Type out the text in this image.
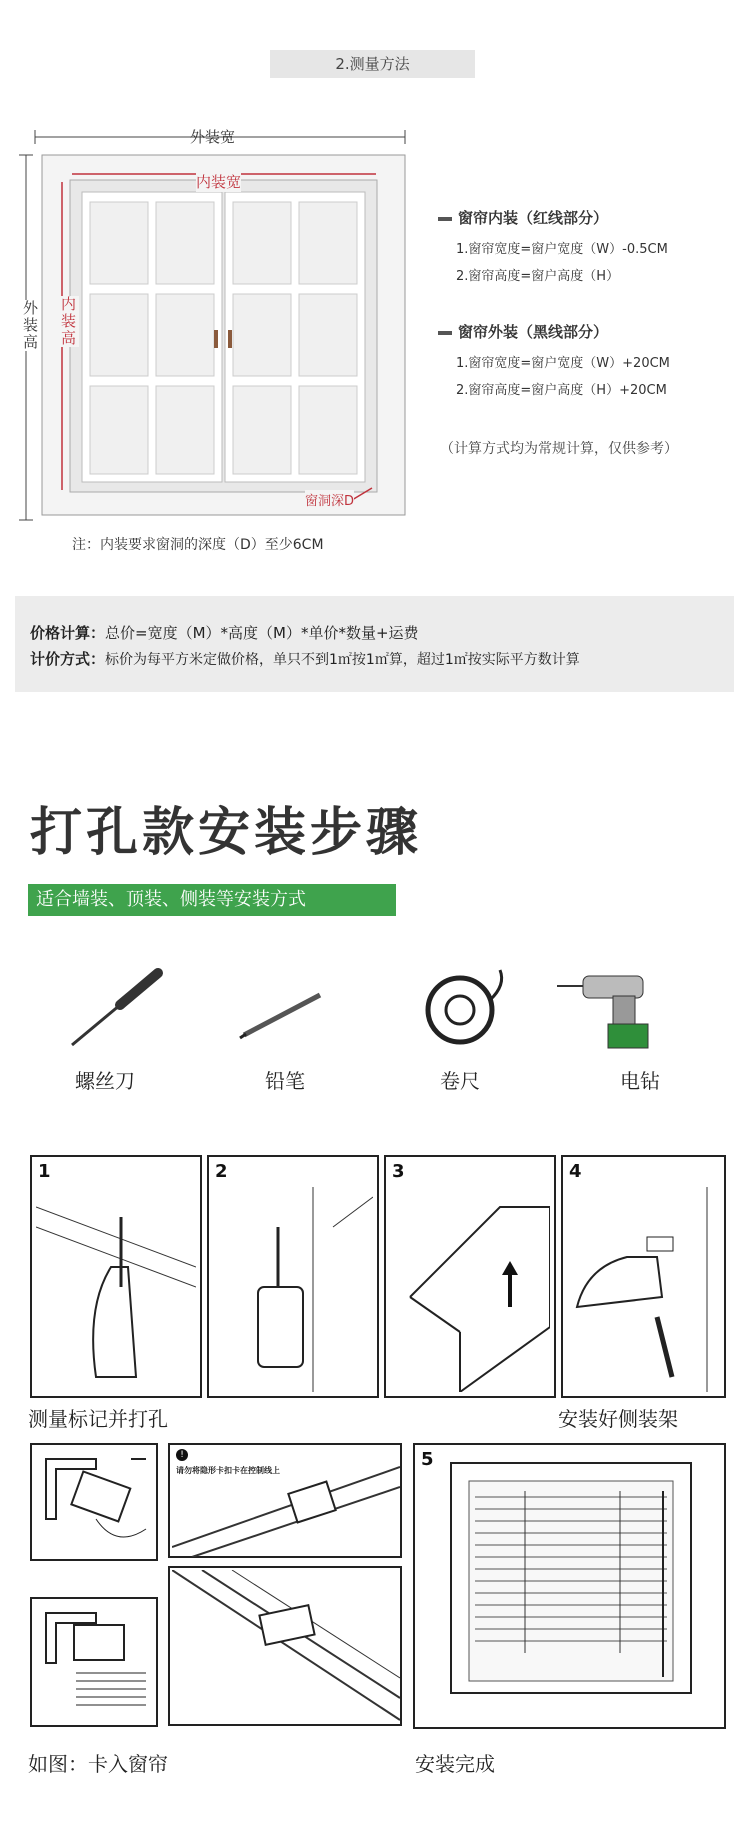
2.测量方法
外装宽
内装宽
外装高 内装高
窗洞深D
注：内装要求窗洞的深度（D）至少6CM
窗帘内装（红线部分）
1.窗帘宽度=窗户宽度（W）-0.5CM
2.窗帘高度=窗户高度（H）
窗帘外装（黑线部分）
1.窗帘宽度=窗户宽度（W）+20CM
2.窗帘高度=窗户高度（H）+20CM
（计算方式均为常规计算，仅供参考）
价格计算：总价=宽度（M）*高度（M）*单价*数量+运费
计价方式：标价为每平方米定做价格，单只不到1㎡按1㎡算，超过1㎡按实际平方数计算
打孔款安装步骤
适合墙装、顶装、侧装等安装方式
螺丝刀	铅笔	卷尺	电钻
1	2	3	4
测量标记并打孔	安装好侧装架
!
请勿将隐形卡扣卡在控制线上
5
如图：卡入窗帘	安装完成
